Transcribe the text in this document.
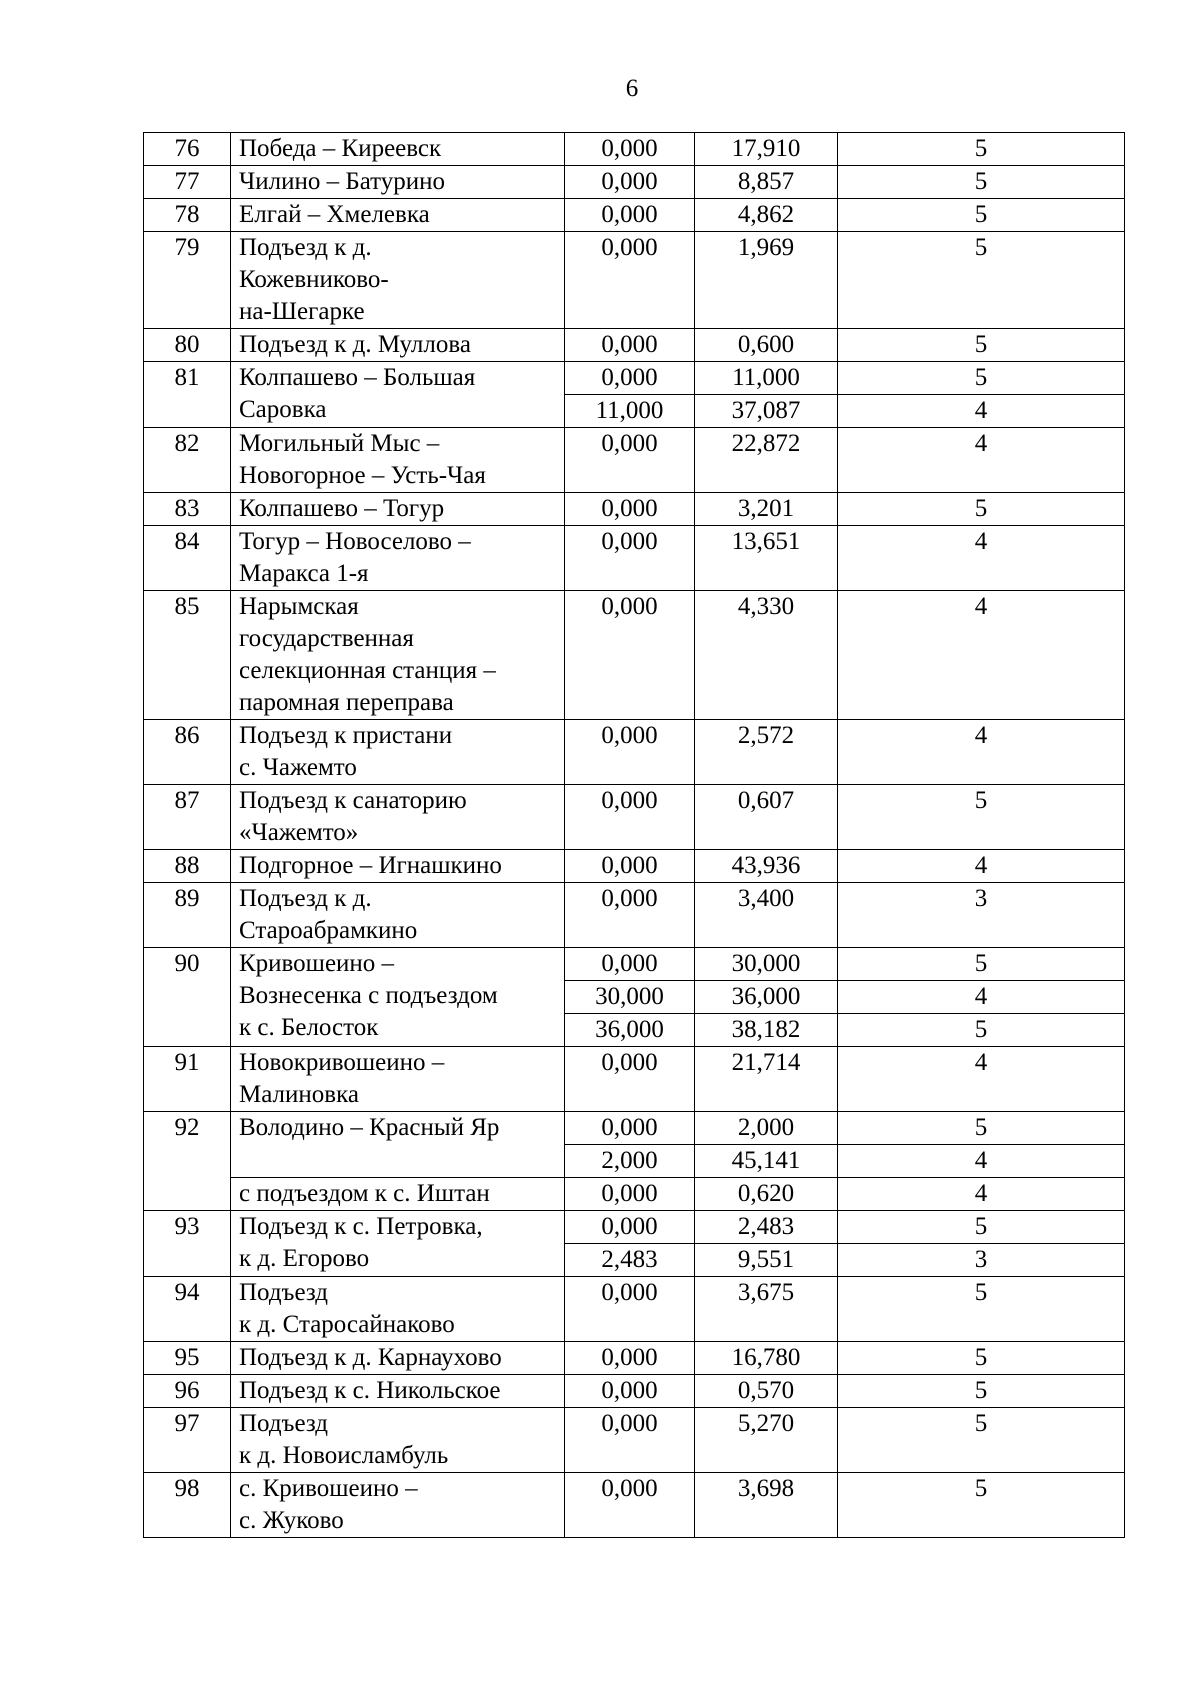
6
76	Победа – Киреевск	0,000	17,910	5
77	Чилино – Батурино	0,000	8,857	5
78	Елгай – Хмелевка	0,000	4,862	5
79	Подъезд к д.
Кожевниково-
на-Шегарке	0,000	1,969	5
80	Подъезд к д. Муллова	0,000	0,600	5
81	Колпашево – Большая
Саровка	0,000	11,000	5
		11,000	37,087	4
82	Могильный Мыс –
Новогорное – Усть-Чая	0,000	22,872	4
83	Колпашево – Тогур	0,000	3,201	5
84	Тогур – Новоселово –
Маракса 1-я	0,000	13,651	4
85	Нарымская
государственная
селекционная станция –
паромная переправа	0,000	4,330	4
86	Подъезд к пристани
с. Чажемто	0,000	2,572	4
87	Подъезд к санаторию
«Чажемто»	0,000	0,607	5
88	Подгорное – Игнашкино	0,000	43,936	4
89	Подъезд к д.
Староабрамкино	0,000	3,400	3
90	Кривошеино –
Вознесенка с подъездом
к с. Белосток	0,000	30,000	5
		30,000	36,000	4
		36,000	38,182	5
91	Новокривошеино –
Малиновка	0,000	21,714	4
92	Володино – Красный Яр	0,000	2,000	5
		2,000	45,141	4
	с подъездом к с. Иштан	0,000	0,620	4
93	Подъезд к с. Петровка,
к д. Егорово	0,000	2,483	5
		2,483	9,551	3
94	Подъезд
к д. Старосайнаково	0,000	3,675	5
95	Подъезд к д. Карнаухово	0,000	16,780	5
96	Подъезд к с. Никольское	0,000	0,570	5
97	Подъезд
к д. Новоисламбуль	0,000	5,270	5
98	с. Кривошеино –
с. Жуково	0,000	3,698	5
